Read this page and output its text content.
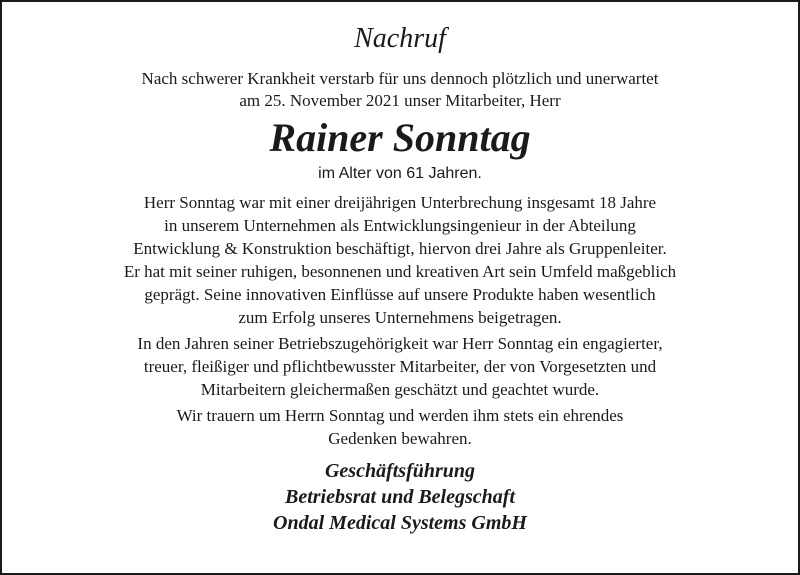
Nachruf

Nach schwerer Krankheit verstarb für uns dennoch plötzlich und unerwartet
am 25. November 2021 unser Mitarbeiter, Herr

Rainer Sonntag
im Alter von 61 Jahren.

Herr Sonntag war mit einer dreijährigen Unterbrechung insgesamt 18 Jahre
in unserem Unternehmen als Entwicklungsingenieur in der Abteilung
Entwicklung & Konstruktion beschäftigt, hiervon drei Jahre als Gruppenleiter.
Er hat mit seiner ruhigen, besonnenen und kreativen Art sein Umfeld maßgeblich
geprägt. Seine innovativen Einflüsse auf unsere Produkte haben wesentlich
zum Erfolg unseres Unternehmens beigetragen.

In den Jahren seiner Betriebszugehörigkeit war Herr Sonntag ein engagierter,
treuer, fleißiger und pflichtbewusster Mitarbeiter, der von Vorgesetzten und
Mitarbeitern gleichermaßen geschätzt und geachtet wurde.

Wir trauern um Herrn Sonntag und werden ihm stets ein ehrendes
Gedenken bewahren.

Geschäftsführung
Betriebsrat und Belegschaft
Ondal Medical Systems GmbH
